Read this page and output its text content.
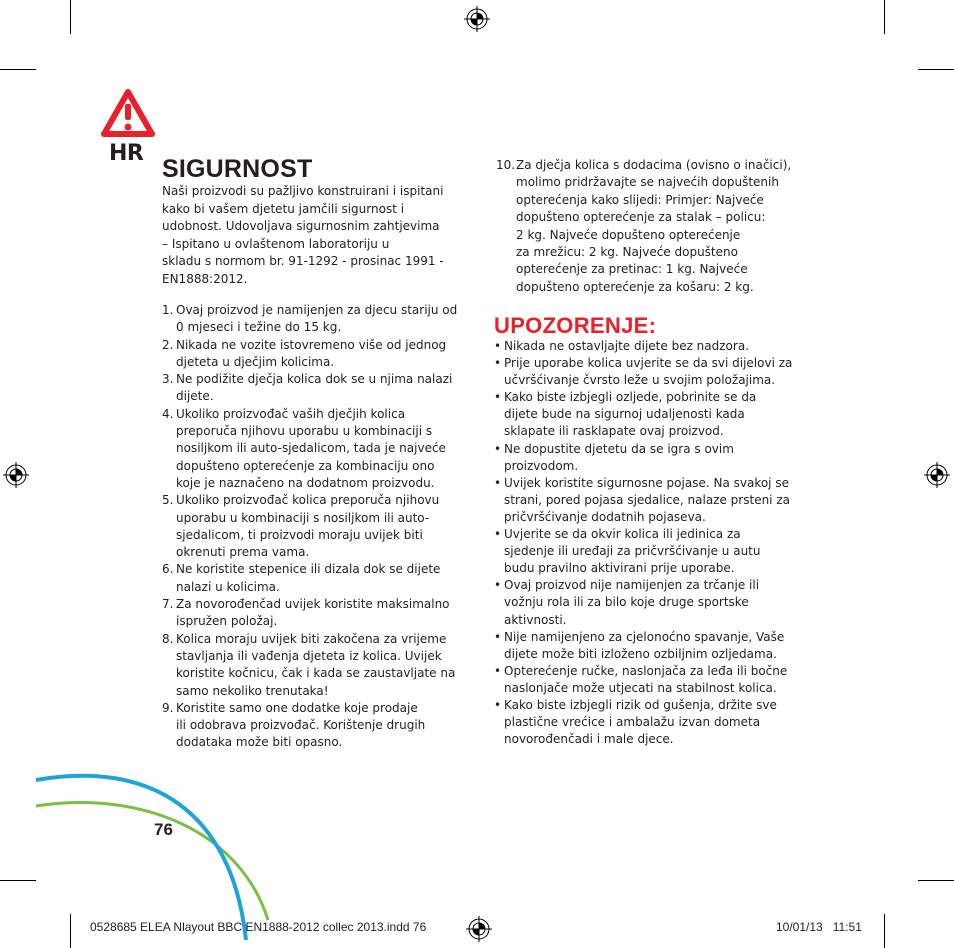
HR
SIGURNOST
Naši proizvodi su pažljivo konstruirani i ispitani
kako bi vašem djetetu jamčili sigurnost i
udobnost. Udovoljava sigurnosnim zahtjevima
– Ispitano u ovlaštenom laboratoriju u
skladu s normom br. 91-1292 - prosinac 1991 -
EN1888:2012.
1. Ovaj proizvod je namijenjen za djecu stariju od
0 mjeseci i težine do 15 kg.
2. Nikada ne vozite istovremeno više od jednog
djeteta u dječjim kolicima.
3. Ne podižite dječja kolica dok se u njima nalazi
dijete.
4. Ukoliko proizvođač vaših dječjih kolica
preporuča njihovu uporabu u kombinaciji s
nosiljkom ili auto-sjedalicom, tada je najveće
dopušteno opterećenje za kombinaciju ono
koje je naznačeno na dodatnom proizvodu.
5. Ukoliko proizvođač kolica preporuča njihovu
uporabu u kombinaciji s nosiljkom ili auto-
sjedalicom, ti proizvodi moraju uvijek biti
okrenuti prema vama.
6. Ne koristite stepenice ili dizala dok se dijete
nalazi u kolicima.
7. Za novorođenčad uvijek koristite maksimalno
ispružen položaj.
8. Kolica moraju uvijek biti zakočena za vrijeme
stavljanja ili vađenja djeteta iz kolica. Uvijek
koristite kočnicu, čak i kada se zaustavljate na
samo nekoliko trenutaka!
9. Koristite samo one dodatke koje prodaje
ili odobrava proizvođač. Korištenje drugih
dodataka može biti opasno.
10. Za dječja kolica s dodacima (ovisno o inačici),
molimo pridržavajte se najvećih dopuštenih
opterećenja kako slijedi: Primjer: Najveće
dopušteno opterećenje za stalak – policu:
2 kg. Najveće dopušteno opterećenje
za mrežicu: 2 kg. Najveće dopušteno
opterećenje za pretinac: 1 kg. Najveće
dopušteno opterećenje za košaru: 2 kg.
UPOZORENJE:
• Nikada ne ostavljajte dijete bez nadzora.
• Prije uporabe kolica uvjerite se da svi dijelovi za
učvršćivanje čvrsto leže u svojim položajima.
• Kako biste izbjegli ozljede, pobrinite se da
dijete bude na sigurnoj udaljenosti kada
sklapate ili rasklapate ovaj proizvod.
• Ne dopustite djetetu da se igra s ovim
proizvodom.
• Uvijek koristite sigurnosne pojase. Na svakoj se
strani, pored pojasa sjedalice, nalaze prsteni za
pričvršćivanje dodatnih pojaseva.
• Uvjerite se da okvir kolica ili jedinica za
sjedenje ili uređaji za pričvršćivanje u autu
budu pravilno aktivirani prije uporabe.
• Ovaj proizvod nije namijenjen za trčanje ili
vožnju rola ili za bilo koje druge sportske
aktivnosti.
• Nije namijenjeno za cjelonoćno spavanje, Vaše
dijete može biti izloženo ozbiljnim ozljedama.
• Opterećenje ručke, naslonjača za leđa ili bočne
naslonjače može utjecati na stabilnost kolica.
• Kako biste izbjegli rizik od gušenja, držite sve
plastične vrećice i ambalažu izvan dometa
novorođenčadi i male djece.
76
0528685 ELEA Nlayout BBC EN1888-2012 collec 2013.indd 76	10/01/13 11:51
